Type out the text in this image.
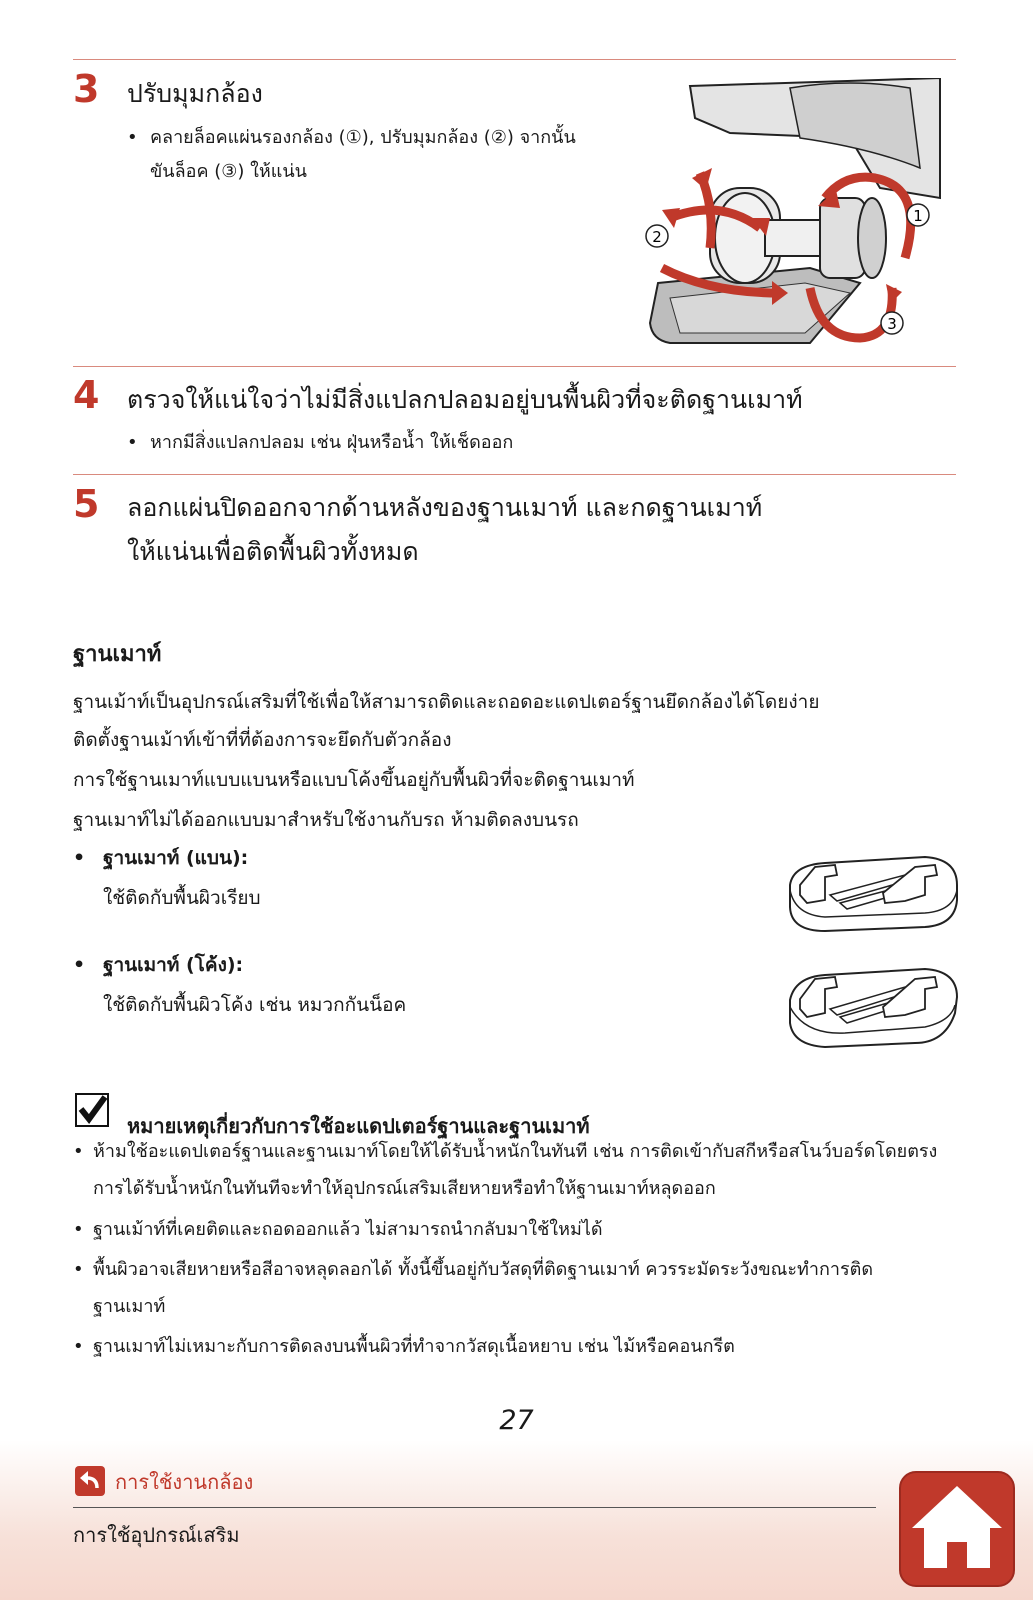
3 ปรับมุมกล้อง
• คลายล็อคแผ่นรองกล้อง (①), ปรับมุมกล้อง (②) จากนั้นขันล็อค (③) ให้แน่น
1
2
3
4 ตรวจให้แน่ใจว่าไม่มีสิ่งแปลกปลอมอยู่บนพื้นผิวที่จะติดฐานเมาท์
• หากมีสิ่งแปลกปลอม เช่น ฝุ่นหรือน้ำ ให้เช็ดออก
5 ลอกแผ่นปิดออกจากด้านหลังของฐานเมาท์ และกดฐานเมาท์
ให้แน่นเพื่อติดพื้นผิวทั้งหมด
ฐานเมาท์
ฐานเม้าท์เป็นอุปกรณ์เสริมที่ใช้เพื่อให้สามารถติดและถอดอะแดปเตอร์ฐานยึดกล้องได้โดยง่าย
ติดตั้งฐานเม้าท์เข้าที่ที่ต้องการจะยึดกับตัวกล้อง
การใช้ฐานเมาท์แบบแบนหรือแบบโค้งขึ้นอยู่กับพื้นผิวที่จะติดฐานเมาท์
ฐานเมาท์ไม่ได้ออกแบบมาสำหรับใช้งานกับรถ ห้ามติดลงบนรถ
• ฐานเมาท์ (แบน):
ใช้ติดกับพื้นผิวเรียบ
• ฐานเมาท์ (โค้ง):
ใช้ติดกับพื้นผิวโค้ง เช่น หมวกกันน็อค
หมายเหตุเกี่ยวกับการใช้อะแดปเตอร์ฐานและฐานเมาท์
• ห้ามใช้อะแดปเตอร์ฐานและฐานเมาท์โดยให้ได้รับน้ำหนักในทันที เช่น การติดเข้ากับสกีหรือสโนว์บอร์ดโดยตรง
การได้รับน้ำหนักในทันทีจะทำให้อุปกรณ์เสริมเสียหายหรือทำให้ฐานเมาท์หลุดออก
• ฐานเม้าท์ที่เคยติดและถอดออกแล้ว ไม่สามารถนำกลับมาใช้ใหม่ได้
• พื้นผิวอาจเสียหายหรือสีอาจหลุดลอกได้ ทั้งนี้ขึ้นอยู่กับวัสดุที่ติดฐานเมาท์ ควรระมัดระวังขณะทำการติด
ฐานเมาท์
• ฐานเมาท์ไม่เหมาะกับการติดลงบนพื้นผิวที่ทำจากวัสดุเนื้อหยาบ เช่น ไม้หรือคอนกรีต
27
การใช้งานกล้อง
การใช้อุปกรณ์เสริม
